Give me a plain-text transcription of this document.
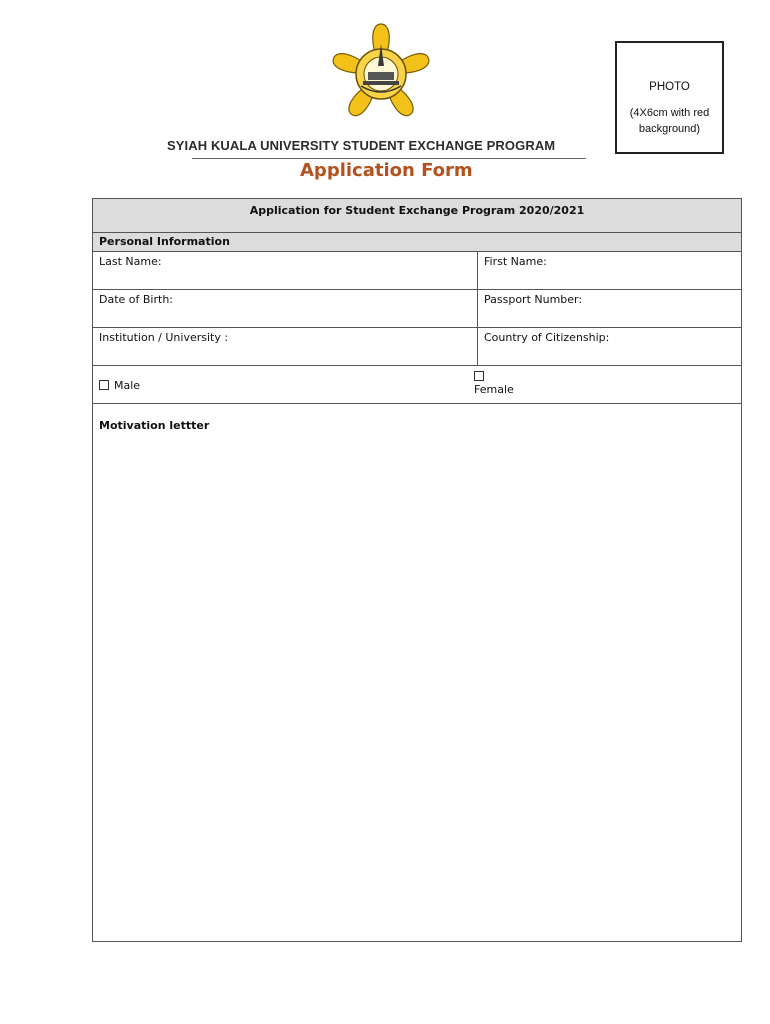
PHOTO
(4X6cm with red background)
SYIAH KUALA UNIVERSITY STUDENT EXCHANGE PROGRAM
Application Form
Application for Student Exchange Program 2020/2021
Personal Information
Last Name:	First Name:
Date of Birth:	Passport Number:
Institution / University :	Country of Citizenship:
Male	Female
Motivation lettter
